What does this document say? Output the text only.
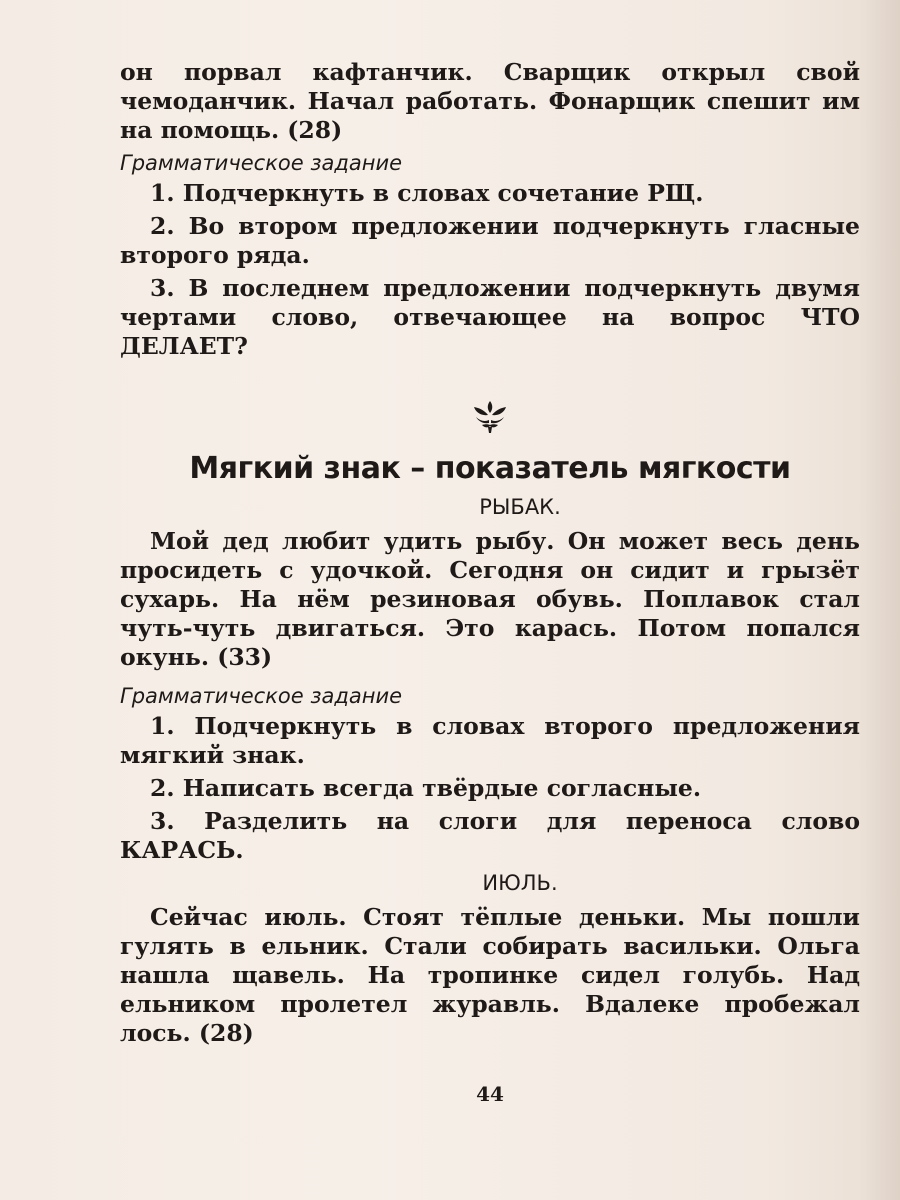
он порвал кафтанчик. Сварщик открыл свой чемоданчик. Начал работать. Фонарщик спешит им на помощь. (28)

Грамматическое задание

1. Подчеркнуть в словах сочетание РЩ.

2. Во втором предложении подчеркнуть гласные второго ряда.

3. В последнем предложении подчеркнуть двумя чертами слово, отвечающее на вопрос ЧТО ДЕЛАЕТ?

Мягкий знак – показатель мягкости
РЫБАК.

Мой дед любит удить рыбу. Он может весь день просидеть с удочкой. Сегодня он сидит и грызёт сухарь. На нём резиновая обувь. Поплавок стал чуть-чуть двигаться. Это карась. Потом попался окунь. (33)

Грамматическое задание

1. Подчеркнуть в словах второго предложения мягкий знак.

2. Написать всегда твёрдые согласные.

3. Разделить на слоги для переноса слово КАРАСЬ.

ИЮЛЬ.

Сейчас июль. Стоят тёплые деньки. Мы пошли гулять в ельник. Стали собирать васильки. Ольга нашла щавель. На тропинке сидел голубь. Над ельником пролетел журавль. Вдалеке пробежал лось. (28)

44
